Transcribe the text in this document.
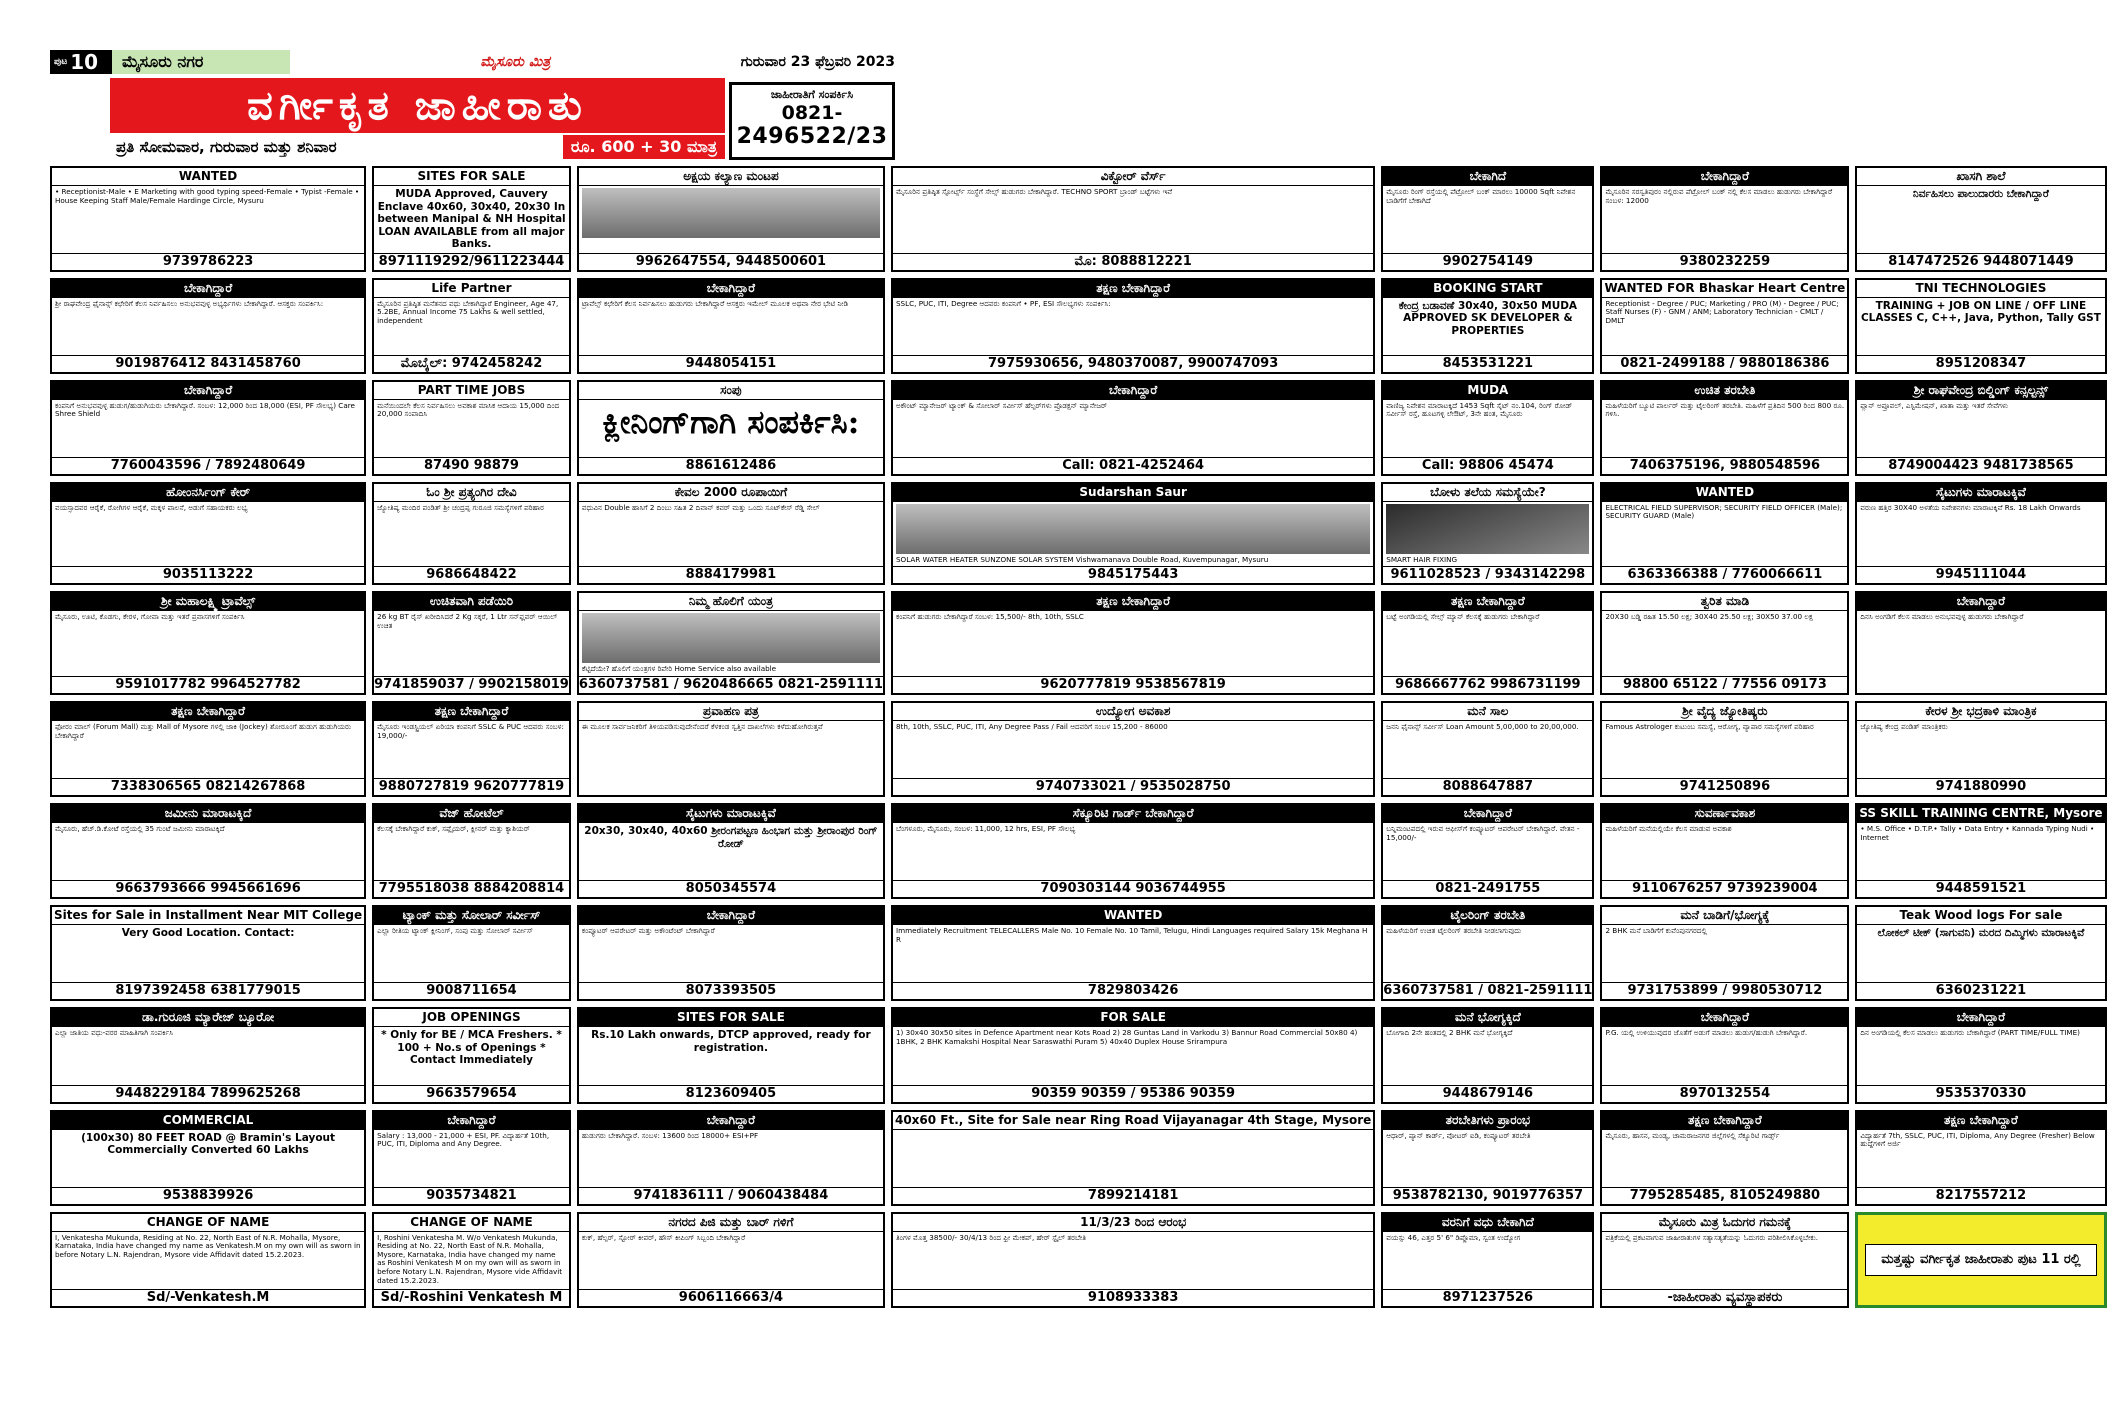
ಪುಟ 10	ಮೈಸೂರು ನಗರ	ಮೈಸೂರು ಮಿತ್ರ	ಗುರುವಾರ 23 ಫೆಬ್ರವರಿ 2023
ವರ್ಗೀಕೃತ ಜಾಹೀರಾತು	ಜಾಹೀರಾತಿಗೆ ಸಂಪರ್ಕಿಸಿ
0821-
2496522/23
ಪ್ರತಿ ಸೋಮವಾರ, ಗುರುವಾರ ಮತ್ತು ಶನಿವಾರ	ರೂ. 600 + 30 ಮಾತ್ರ
WANTED
• Receptionist-Male • E Marketing with good typing speed-Female • Typist -Female • House Keeping Staff Male/Female Hardinge Circle, Mysuru
9739786223
SITES FOR SALE
MUDA Approved, Cauvery Enclave 40x60, 30x40, 20x30 In between Manipal & NH Hospital LOAN AVAILABLE from all major Banks.
8971119292/9611223444
ಅಕ್ಷಯ ಕಲ್ಯಾಣ ಮಂಟಪ
9962647554, 9448500601
ವಿಕ್ಟೋರ್ ವೆರ್ಸ್
ಮೈಸೂರಿನ ಪ್ರತಿಷ್ಠಿತ ಸ್ಪೋರ್ಟ್ಸ್ ಸಂಸ್ಥೆಗೆ ಸೇಲ್ಸ್ ಹುಡುಗರು ಬೇಕಾಗಿದ್ದಾರೆ. TECHNO SPORT ಬ್ರಾಂಡ್ ಬಟ್ಟೆಗಳು ಇವೆ
ಮೊ: 8088812221
ಬೇಕಾಗಿದೆ
ಮೈಸೂರು ರಿಂಗ್ ರಸ್ತೆಯಲ್ಲಿ ಪೆಟ್ರೋಲ್ ಬಂಕ್ ಮಾರಲು 10000 Sqft ನಿವೇಶನ ಬಾಡಿಗೆಗೆ ಬೇಕಾಗಿದೆ
9902754149
ಬೇಕಾಗಿದ್ದಾರೆ
ಮೈಸೂರಿನ ಸರಸ್ವತಿಪುರಂ ನಲ್ಲಿರುವ ಪೆಟ್ರೋಲ್ ಬಂಕ್ ನಲ್ಲಿ ಕೆಲಸ ಮಾಡಲು ಹುಡುಗರು ಬೇಕಾಗಿದ್ದಾರೆ ಸಂಬಳ: 12000
9380232259
ಖಾಸಗಿ ಶಾಲೆ
ನಿರ್ವಹಿಸಲು ಪಾಲುದಾರರು ಬೇಕಾಗಿದ್ದಾರೆ
8147472526 9448071449
ಬೇಕಾಗಿದ್ದಾರೆ
ಶ್ರೀ ರಾಘವೇಂದ್ರ ಫೈನಾನ್ಸ್ ಕಛೇರಿಗೆ ಕೆಲಸ ನಿರ್ವಹಿಸಲು ಅನುಭವವುಳ್ಳ ಅಭ್ಯರ್ಥಿಗಳು ಬೇಕಾಗಿದ್ದಾರೆ. ಆಸಕ್ತರು ಸಂಪರ್ಕಿಸಿ:
9019876412 8431458760
Life Partner
ಮೈಸೂರಿನ ಪ್ರತಿಷ್ಠಿತ ಮನೆತನದ ವಧು ಬೇಕಾಗಿದ್ದಾರೆ Engineer, Age 47, 5.2BE, Annual Income 75 Lakhs & well settled, independent
ಮೊಬೈಲ್: 9742458242
ಬೇಕಾಗಿದ್ದಾರೆ
ಟ್ರಾವೆಲ್ಸ್ ಕಛೇರಿಗೆ ಕೆಲಸ ನಿರ್ವಹಿಸಲು ಹುಡುಗರು ಬೇಕಾಗಿದ್ದಾರೆ ಆಸಕ್ತರು ಇಮೇಲ್ ಮೂಲಕ ಅಥವಾ ನೇರ ಭೇಟಿ ನೀಡಿ
9448054151
ತಕ್ಷಣ ಬೇಕಾಗಿದ್ದಾರೆ
SSLC, PUC, ITI, Degree ಆದವರು ಕಂಪನಿಗೆ • PF, ESI ಸೌಲಭ್ಯಗಳು ಸಂಪರ್ಕಿಸಿ:
7975930656, 9480370087, 9900747093
BOOKING START
ಕೇಂದ್ರ ಬಡಾವಣೆ 30x40, 30x50 MUDA APPROVED SK DEVELOPER & PROPERTIES
8453531221
WANTED FOR Bhaskar Heart Centre
Receptionist - Degree / PUC; Marketing / PRO (M) - Degree / PUC; Staff Nurses (F) - GNM / ANM; Laboratory Technician - CMLT / DMLT
0821-2499188 / 9880186386
TNI TECHNOLOGIES
TRAINING + JOB ON LINE / OFF LINE CLASSES C, C++, Java, Python, Tally GST
8951208347
ಬೇಕಾಗಿದ್ದಾರೆ
ಕಂಪನಿಗೆ ಅನುಭವವುಳ್ಳ ಹುಡುಗ/ಹುಡುಗಿಯರು ಬೇಕಾಗಿದ್ದಾರೆ. ಸಂಬಳ: 12,000 ರಿಂದ 18,000 (ESI, PF ಸೌಲಭ್ಯ) Care Shree Shield
7760043596 / 7892480649
PART TIME JOBS
ಮನೆಯಿಂದಲೇ ಕೆಲಸ ನಿರ್ವಹಿಸಲು ಅವಕಾಶ ಮಾಸಿಕ ಆದಾಯ 15,000 ದಿಂದ 20,000 ಸಂಪಾದಿಸಿ
87490 98879
ಸಂಪು
ಕ್ಲೀನಿಂಗ್‌ಗಾಗಿ ಸಂಪರ್ಕಿಸಿ:
8861612486
ಬೇಕಾಗಿದ್ದಾರೆ
ಅಕೌಂಟ್ ಮ್ಯಾನೇಜರ್ ಟ್ಯಾಂಕ್ & ಸೋಲಾರ್ ಸರ್ವೀಸ್ ಹೆಲ್ಪರ್‌ಗಳು ಪ್ರೊಡಕ್ಷನ್ ಮ್ಯಾನೇಜರ್
Call: 0821-4252464
MUDA
ವಾಣಿಜ್ಯ ನಿವೇಶನ ಮಾರಾಟಕ್ಕಿದೆ 1453 Sqft ಸೈಟ್ ನಂ.104, ರಿಂಗ್ ರೋಡ್ ಸರ್ವೀಸ್ ರಸ್ತೆ, ಹೂಟಗಳ್ಳಿ ಲೇಔಟ್, 3ನೇ ಹಂತ, ಮೈಸೂರು
Call: 98806 45474
ಉಚಿತ ತರಬೇತಿ
ಮಹಿಳೆಯರಿಗೆ ಬ್ಯೂಟಿ ಪಾರ್ಲರ್ ಮತ್ತು ಟೈಲರಿಂಗ್ ತರಬೇತಿ. ಮಹಿಳೆಗೆ ಪ್ರತಿದಿನ 500 ರಿಂದ 800 ರೂ. ಗಳಿಸಿ.
7406375196, 9880548596
ಶ್ರೀ ರಾಘವೇಂದ್ರ ಬಿಲ್ಡಿಂಗ್ ಕನ್ಸಲ್ಟನ್ಸ್
ಪ್ಲಾನ್ ಅಪ್ರೂವಲ್, ಎಸ್ಟಿಮೇಷನ್, ಖಾತಾ ಮತ್ತು ಇತರೆ ಸೇವೆಗಳು
8749004423 9481738565
ಹೋಂನರ್ಸಿಂಗ್ ಕೇರ್
ವಯಸ್ಸಾದವರ ಆರೈಕೆ, ರೋಗಿಗಳ ಆರೈಕೆ, ಮಕ್ಕಳ ಪಾಲನೆ, ಅಡುಗೆ ಸಹಾಯಕರು ಲಭ್ಯ
9035113222
ಓಂ ಶ್ರೀ ಪ್ರತ್ಯಂಗಿರ ದೇವಿ
ಜ್ಯೋತಿಷ್ಯ ಮಂದಿರ ಪಂಡಿತ್ ಶ್ರೀ ಚಂದ್ರಪ್ಪ ಗುರೂಜಿ ಸಮಸ್ಯೆಗಳಿಗೆ ಪರಿಹಾರ
9686648422
ಕೇವಲ 2000 ರೂಪಾಯಿಗೆ
ವಧುವಿನ Double ಹಾಸಿಗೆ 2 ದಿಂಬು ಸಹಿತ 2 ದಿವಾನ್ ಕವರ್ ಮತ್ತು ಒಂದು ಸೂಟ್‌ಕೇಸ್ ರೆಡ್ಡಿ ಸೇಲ್
8884179981
Sudarshan Saur
SOLAR WATER HEATER SUNZONE SOLAR SYSTEM Vishwamanava Double Road, Kuvempunagar, Mysuru
9845175443
ಬೋಳು ತಲೆಯ ಸಮಸ್ಯೆಯೇ?
SMART HAIR FIXING
9611028523 / 9343142298
WANTED
ELECTRICAL FIELD SUPERVISOR; SECURITY FIELD OFFICER (Male); SECURITY GUARD (Male)
6363366388 / 7760066611
ಸೈಟುಗಳು ಮಾರಾಟಕ್ಕಿವೆ
ವರುಣ ಹತ್ತಿರ 30X40 ಅಳತೆಯ ನಿವೇಶನಗಳು ಮಾರಾಟಕ್ಕಿವೆ Rs. 18 Lakh Onwards
9945111044
ಶ್ರೀ ಮಹಾಲಕ್ಷ್ಮಿ ಟ್ರಾವೆಲ್ಸ್
ಮೈಸೂರು, ಊಟಿ, ಕೊಡಗು, ಕೇರಳ, ಗೋವಾ ಮತ್ತು ಇತರೆ ಪ್ರವಾಸಗಳಿಗೆ ಸಂಪರ್ಕಿಸಿ
9591017782 9964527782
ಉಚಿತವಾಗಿ ಪಡೆಯಿರಿ
26 kg BT ರೈಸ್ ಖರೀದಿಸಿದರೆ 2 Kg ಸಕ್ಕರೆ, 1 Ltr ಸನ್‌ಫ್ಲವರ್ ಆಯಿಲ್ ಉಚಿತ
9741859037 / 9902158019
ನಿಮ್ಮ ಹೊಲಿಗೆ ಯಂತ್ರ
ಕೆಟ್ಟಿದೆಯೇ? ಹೊಲಿಗೆ ಯಂತ್ರಗಳ ರಿಪೇರಿ Home Service also available
6360737581 / 9620486665 0821-2591111
ತಕ್ಷಣ ಬೇಕಾಗಿದ್ದಾರೆ
ಕಂಪನಿಗೆ ಹುಡುಗರು ಬೇಕಾಗಿದ್ದಾರೆ ಸಂಬಳ: 15,500/- 8th, 10th, SSLC
9620777819 9538567819
ತಕ್ಷಣ ಬೇಕಾಗಿದ್ದಾರೆ
ಬಟ್ಟೆ ಅಂಗಡಿಯಲ್ಲಿ ಸೇಲ್ಸ್ ಮ್ಯಾನ್ ಕೆಲಸಕ್ಕೆ ಹುಡುಗರು ಬೇಕಾಗಿದ್ದಾರೆ
9686667762 9986731199
ತ್ವರಿತ ಮಾಡಿ
20X30 ಬಡ್ಡಿ ರಹಿತ 15.50 ಲಕ್ಷ; 30X40 25.50 ಲಕ್ಷ; 30X50 37.00 ಲಕ್ಷ
98800 65122 / 77556 09173
ಬೇಕಾಗಿದ್ದಾರೆ
ದಿನಸಿ ಅಂಗಡಿಗೆ ಕೆಲಸ ಮಾಡಲು ಅನುಭವವುಳ್ಳ ಹುಡುಗರು ಬೇಕಾಗಿದ್ದಾರೆ
ತಕ್ಷಣ ಬೇಕಾಗಿದ್ದಾರೆ
ಫೋರಂ ಮಾಲ್ (Forum Mall) ಮತ್ತು Mall of Mysore ಗಳಲ್ಲಿ ಜಾಕಿ (Jockey) ಶೋರೂಂಗೆ ಹುಡುಗ ಹುಡುಗಿಯರು ಬೇಕಾಗಿದ್ದಾರೆ
7338306565 08214267868
ತಕ್ಷಣ ಬೇಕಾಗಿದ್ದಾರೆ
ಮೈಸೂರು ಇಂಡಸ್ಟ್ರಿಯಲ್ ಏರಿಯಾ ಕಂಪನಿಗೆ SSLC & PUC ಆದವರು ಸಂಬಳ: 19,000/-
9880727819 9620777819
ಪ್ರವಾಹಣ ಪತ್ರ
ಈ ಮೂಲಕ ಸಾರ್ವಜನಿಕರಿಗೆ ತಿಳಿಯಪಡಿಸುವುದೇನೆಂದರೆ ಕೆಳಕಂಡ ಸ್ವತ್ತಿನ ದಾಖಲೆಗಳು ಕಳೆದುಹೋಗಿರುತ್ತವೆ
ಉದ್ಯೋಗ ಅವಕಾಶ
8th, 10th, SSLC, PUC, ITI, Any Degree Pass / Fail ಆದವರಿಗೆ ಸಂಬಳ 15,200 - 86000
9740733021 / 9535028750
ಮನೆ ಸಾಲ
ಜನನಿ ಫೈನಾನ್ಸ್ ಸರ್ವೀಸ್ Loan Amount 5,00,000 to 20,00,000.
8088647887
ಶ್ರೀ ವೈದ್ಯ ಜ್ಯೋತಿಷ್ಯರು
Famous Astrologer ಕುಟುಂಬ ಸಮಸ್ಯೆ, ಆರೋಗ್ಯ, ವ್ಯಾಪಾರ ಸಮಸ್ಯೆಗಳಿಗೆ ಪರಿಹಾರ
9741250896
ಕೇರಳ ಶ್ರೀ ಭದ್ರಕಾಳಿ ಮಾಂತ್ರಿಕ
ಜ್ಯೋತಿಷ್ಯ ಕೇಂದ್ರ ಪಂಡಿತ್ ಮಾಂತ್ರಿಕರು
9741880990
ಜಮೀನು ಮಾರಾಟಕ್ಕಿದೆ
ಮೈಸೂರು, ಹೆಚ್.ಡಿ.ಕೋಟೆ ರಸ್ತೆಯಲ್ಲಿ 35 ಗುಂಟೆ ಜಮೀನು ಮಾರಾಟಕ್ಕಿದೆ
9663793666 9945661696
ವೆಜ್ ಹೋಟೆಲ್
ಕೆಲಸಕ್ಕೆ ಬೇಕಾಗಿದ್ದಾರೆ ಕುಕ್, ಸಪ್ಲೈಯರ್, ಕ್ಲೀನರ್ ಮತ್ತು ಕ್ಯಾಶಿಯರ್
7795518038 8884208814
ಸೈಟುಗಳು ಮಾರಾಟಕ್ಕಿವೆ
20x30, 30x40, 40x60 ಶ್ರೀರಂಗಪಟ್ಟಣ ಹಿಂಭಾಗ ಮತ್ತು ಶ್ರೀರಾಂಪುರ ರಿಂಗ್ ರೋಡ್
8050345574
ಸೆಕ್ಯೂರಿಟಿ ಗಾರ್ಡ್ ಬೇಕಾಗಿದ್ದಾರೆ
ಬೆಂಗಳೂರು, ಮೈಸೂರು, ಸಂಬಳ: 11,000, 12 hrs, ESI, PF ಸೌಲಭ್ಯ
7090303144 9036744955
ಬೇಕಾಗಿದ್ದಾರೆ
ಬನ್ನಿಮಂಟಪದಲ್ಲಿ ಇರುವ ಆಫೀಸ್‌ಗೆ ಕಂಪ್ಯೂಟರ್ ಆಪರೇಟರ್ ಬೇಕಾಗಿದ್ದಾರೆ. ವೇತನ - 15,000/-
0821-2491755
ಸುವರ್ಣಾವಕಾಶ
ಮಹಿಳೆಯರಿಗೆ ಮನೆಯಲ್ಲಿಯೇ ಕೆಲಸ ಮಾಡುವ ಅವಕಾಶ
9110676257 9739239004
SS SKILL TRAINING CENTRE, Mysore
• M.S. Office • D.T.P.• Tally • Data Entry • Kannada Typing Nudi • Internet
9448591521
Sites for Sale in Installment Near MIT College
Very Good Location. Contact:
8197392458 6381779015
ಟ್ಯಾಂಕ್ ಮತ್ತು ಸೋಲಾರ್ ಸರ್ವೀಸ್
ಎಲ್ಲಾ ರೀತಿಯ ಟ್ಯಾಂಕ್ ಕ್ಲೀನಿಂಗ್, ಸಂಪು ಮತ್ತು ಸೋಲಾರ್ ಸರ್ವೀಸ್
9008711654
ಬೇಕಾಗಿದ್ದಾರೆ
ಕಂಪ್ಯೂಟರ್ ಆಪರೇಟರ್ ಮತ್ತು ಅಕೌಂಟೆಂಟ್ ಬೇಕಾಗಿದ್ದಾರೆ
8073393505
WANTED
Immediately Recruitment TELECALLERS Male No. 10 Female No. 10 Tamil, Telugu, Hindi Languages required Salary 15k Meghana H R
7829803426
ಟೈಲರಿಂಗ್ ತರಬೇತಿ
ಮಹಿಳೆಯರಿಗೆ ಉಚಿತ ಟೈಲರಿಂಗ್ ತರಬೇತಿ ನೀಡಲಾಗುವುದು
6360737581 / 0821-2591111
ಮನೆ ಬಾಡಿಗೆ/ಭೋಗ್ಯಕ್ಕೆ
2 BHK ಮನೆ ಬಾಡಿಗೆಗೆ ಕುವೆಂಪುನಗರದಲ್ಲಿ
9731753899 / 9980530712
Teak Wood logs For sale
ಲೋಕಲ್ ಟೀಕ್ (ಸಾಗುವನಿ) ಮರದ ದಿಮ್ಮಿಗಳು ಮಾರಾಟಕ್ಕಿವೆ
6360231221
ಡಾ.ಗುರೂಜಿ ಮ್ಯಾರೇಜ್ ಬ್ಯೂರೋ
ಎಲ್ಲಾ ಜಾತಿಯ ವಧು-ವರರ ಮಾಹಿತಿಗಾಗಿ ಸಂಪರ್ಕಿಸಿ
9448229184 7899625268
JOB OPENINGS
* Only for BE / MCA Freshers. * 100 + No.s of Openings * Contact Immediately
9663579654
SITES FOR SALE
Rs.10 Lakh onwards, DTCP approved, ready for registration.
8123609405
FOR SALE
1) 30x40 30x50 sites in Defence Apartment near Kots Road 2) 28 Guntas Land in Varkodu 3) Bannur Road Commercial 50x80 4) 1BHK, 2 BHK Kamakshi Hospital Near Saraswathi Puram 5) 40x40 Duplex House Srirampura
90359 90359 / 95386 90359
ಮನೆ ಭೋಗ್ಯಕ್ಕಿದೆ
ಬೋಗಾದಿ 2ನೇ ಹಂತದಲ್ಲಿ 2 BHK ಮನೆ ಭೋಗ್ಯಕ್ಕಿದೆ
9448679146
ಬೇಕಾಗಿದ್ದಾರೆ
P.G. ಯಲ್ಲಿ ಉಳಿಯುವುದರ ಜೊತೆಗೆ ಅಡುಗೆ ಮಾಡಲು ಹುಡುಗ/ಹುಡುಗಿ ಬೇಕಾಗಿದ್ದಾರೆ.
8970132554
ಬೇಕಾಗಿದ್ದಾರೆ
ದಿನ ಅಂಗಡಿಯಲ್ಲಿ ಕೆಲಸ ಮಾಡಲು ಹುಡುಗರು ಬೇಕಾಗಿದ್ದಾರೆ (PART TIME/FULL TIME)
9535370330
COMMERCIAL
(100x30) 80 FEET ROAD @ Bramin's Layout Commercially Converted 60 Lakhs
9538839926
ಬೇಕಾಗಿದ್ದಾರೆ
Salary : 13,000 - 21,000 + ESI, PF. ವಿದ್ಯಾರ್ಹತೆ 10th, PUC, ITI, Diploma and Any Degree.
9035734821
ಬೇಕಾಗಿದ್ದಾರೆ
ಹುಡುಗರು ಬೇಕಾಗಿದ್ದಾರೆ. ಸಂಬಳ: 13600 ರಿಂದ 18000+ ESI+PF
9741836111 / 9060438484
40x60 Ft., Site for Sale near Ring Road Vijayanagar 4th Stage, Mysore
7899214181
ತರಬೇತಿಗಳು ಪ್ರಾರಂಭ
ಆಧಾರ್, ಪ್ಯಾನ್ ಕಾರ್ಡ್, ವೋಟರ್ ಐಡಿ, ಕಂಪ್ಯೂಟರ್ ತರಬೇತಿ
9538782130, 9019776357
ತಕ್ಷಣ ಬೇಕಾಗಿದ್ದಾರೆ
ಮೈಸೂರು, ಹಾಸನ, ಮಂಡ್ಯ, ಚಾಮರಾಜನಗರ ಜಿಲ್ಲೆಗಳಲ್ಲಿ ಸೆಕ್ಯೂರಿಟಿ ಗಾರ್ಡ್ಸ್
7795285485, 8105249880
ತಕ್ಷಣ ಬೇಕಾಗಿದ್ದಾರೆ
ವಿದ್ಯಾರ್ಹತೆ 7th, SSLC, PUC, ITI, Diploma, Any Degree (Fresher) Below ಹುದ್ದೆಗಳಿಗೆ ಅರ್ಜಿ
8217557212
CHANGE OF NAME
I, Venkatesha Mukunda, Residing at No. 22, North East of N.R. Mohalla, Mysore, Karnataka, India have changed my name as Venkatesh.M on my own will as sworn in before Notary L.N. Rajendran, Mysore vide Affidavit dated 15.2.2023.
Sd/-Venkatesh.M
CHANGE OF NAME
I, Roshini Venkatesha M. W/o Venkatesh Mukunda, Residing at No. 22, North East of N.R. Mohalla, Mysore, Karnataka, India have changed my name as Roshini Venkatesh M on my own will as sworn in before Notary L.N. Rajendran, Mysore vide Affidavit dated 15.2.2023.
Sd/-Roshini Venkatesh M
ನಗರದ ಪಿಜಿ ಮತ್ತು ಬಾರ್ ಗಳಿಗೆ
ಕುಕ್, ಹೆಲ್ಪರ್, ಸ್ಟೋರ್ ಕೀಪರ್, ಹೌಸ್ ಕೀಪಿಂಗ್ ಸಿಬ್ಬಂದಿ ಬೇಕಾಗಿದ್ದಾರೆ
9606116663/4
11/3/23 ರಿಂದ ಆರಂಭ
ತಿಂಗಳ ಮೊತ್ತ 38500/- 30/4/13 ರಿಂದ ಫ್ರೀ ಮೇಕಪ್, ಹೇರ್ ಸ್ಟೈಲ್ ತರಬೇತಿ
9108933383
ವರನಿಗೆ ವಧು ಬೇಕಾಗಿದೆ
ವಯಸ್ಸು 46, ಎತ್ತರ 5' 6" ಡಿಪ್ಲೊಮಾ, ಸ್ವಂತ ಉದ್ಯೋಗ
8971237526
ಮೈಸೂರು ಮಿತ್ರ ಓದುಗರ ಗಮನಕ್ಕೆ
ಪತ್ರಿಕೆಯಲ್ಲಿ ಪ್ರಕಟವಾಗುವ ಜಾಹೀರಾತುಗಳ ಸತ್ಯಾಸತ್ಯತೆಯನ್ನು ಓದುಗರು ಪರಿಶೀಲಿಸಿಕೊಳ್ಳಬೇಕು.
-ಜಾಹೀರಾತು ವ್ಯವಸ್ಥಾಪಕರು
ಮತ್ತಷ್ಟು ವರ್ಗೀಕೃತ ಜಾಹೀರಾತು ಪುಟ 11 ರಲ್ಲಿ
